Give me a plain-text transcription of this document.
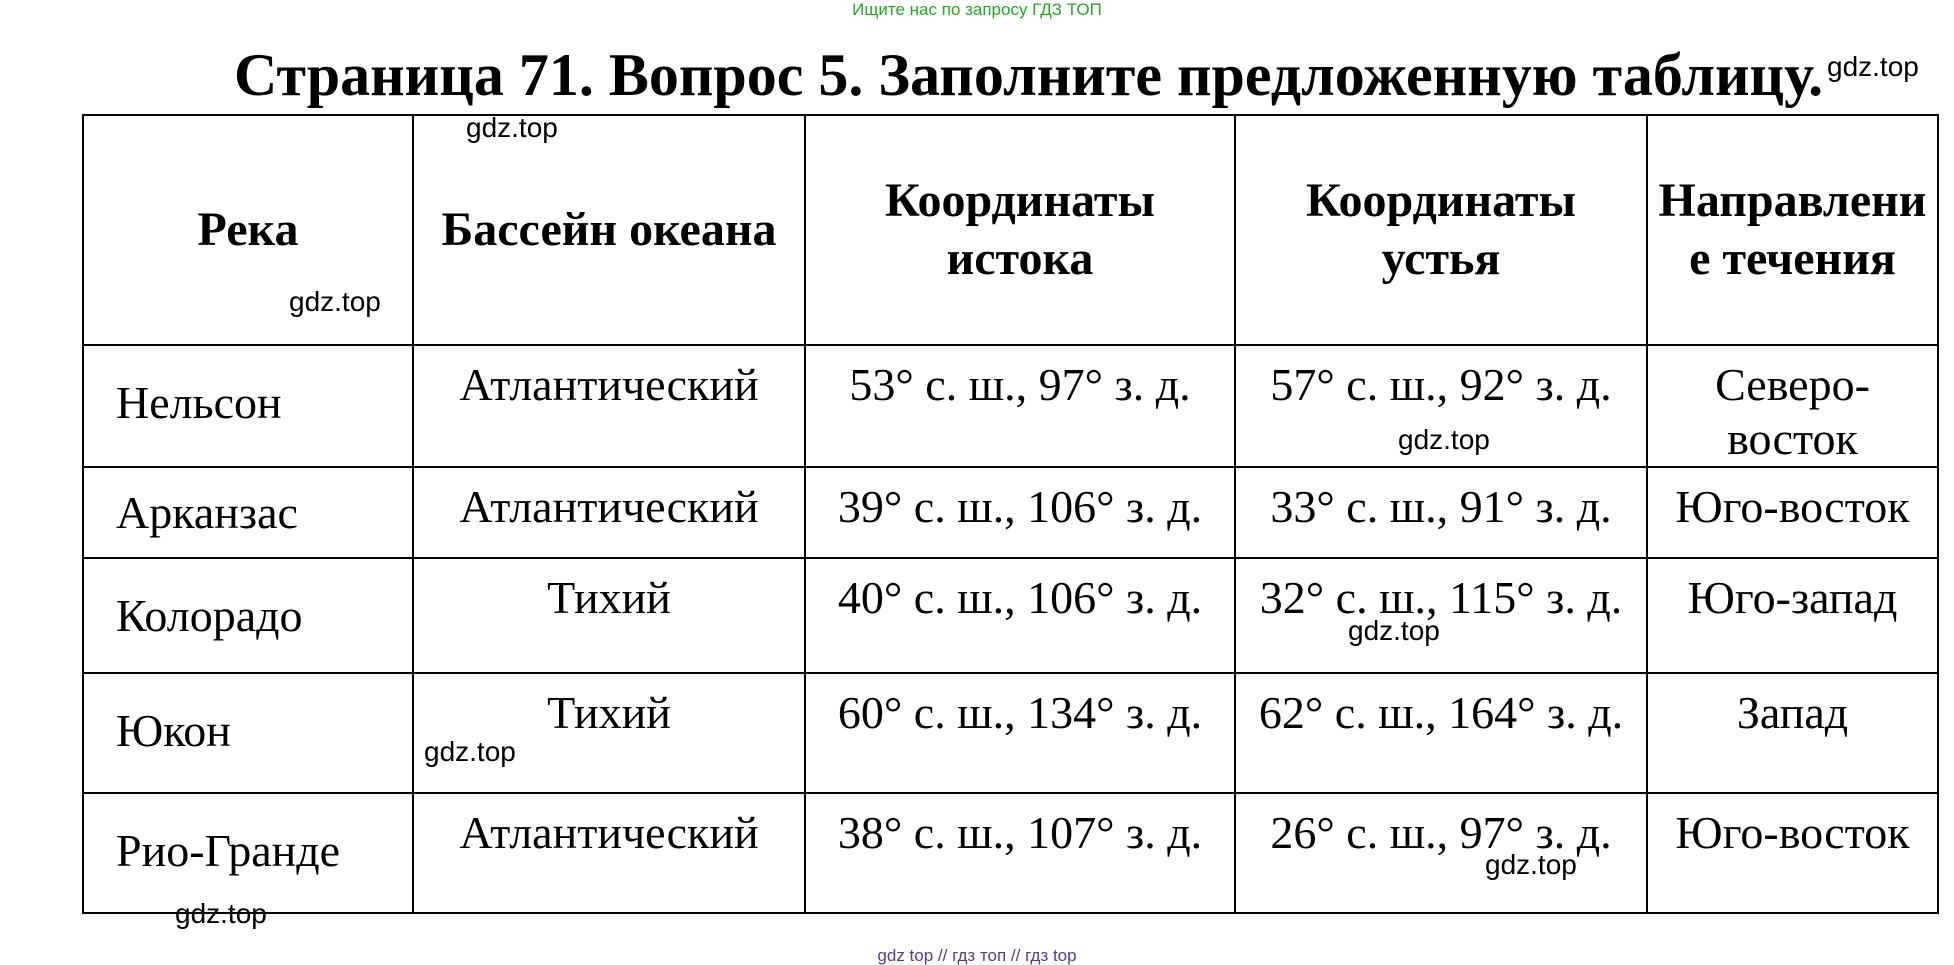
Ищите нас по запросу ГДЗ ТОП
Страница 71. Вопрос 5. Заполните предложенную таблицу.
Река	Бассейн океана	Координаты истока	Координаты устья	Направление течения

Нельсон	Атлантический	53° с. ш., 97° з. д.	57° с. ш., 92° з. д.	Северо-восток

Арканзас	Атлантический	39° с. ш., 106° з. д.	33° с. ш., 91° з. д.	Юго-восток

Колорадо	Тихий	40° с. ш., 106° з. д.	32° с. ш., 115° з. д.	Юго-запад

Юкон	Тихий	60° с. ш., 134° з. д.	62° с. ш., 164° з. д.	Запад

Рио-Гранде	Атлантический	38° с. ш., 107° з. д.	26° с. ш., 97° з. д.	Юго-восток
gdz.top
gdz.top
gdz.top
gdz.top
gdz.top
gdz.top
gdz.top
gdz.top
gdz top // гдз топ // гдз top
